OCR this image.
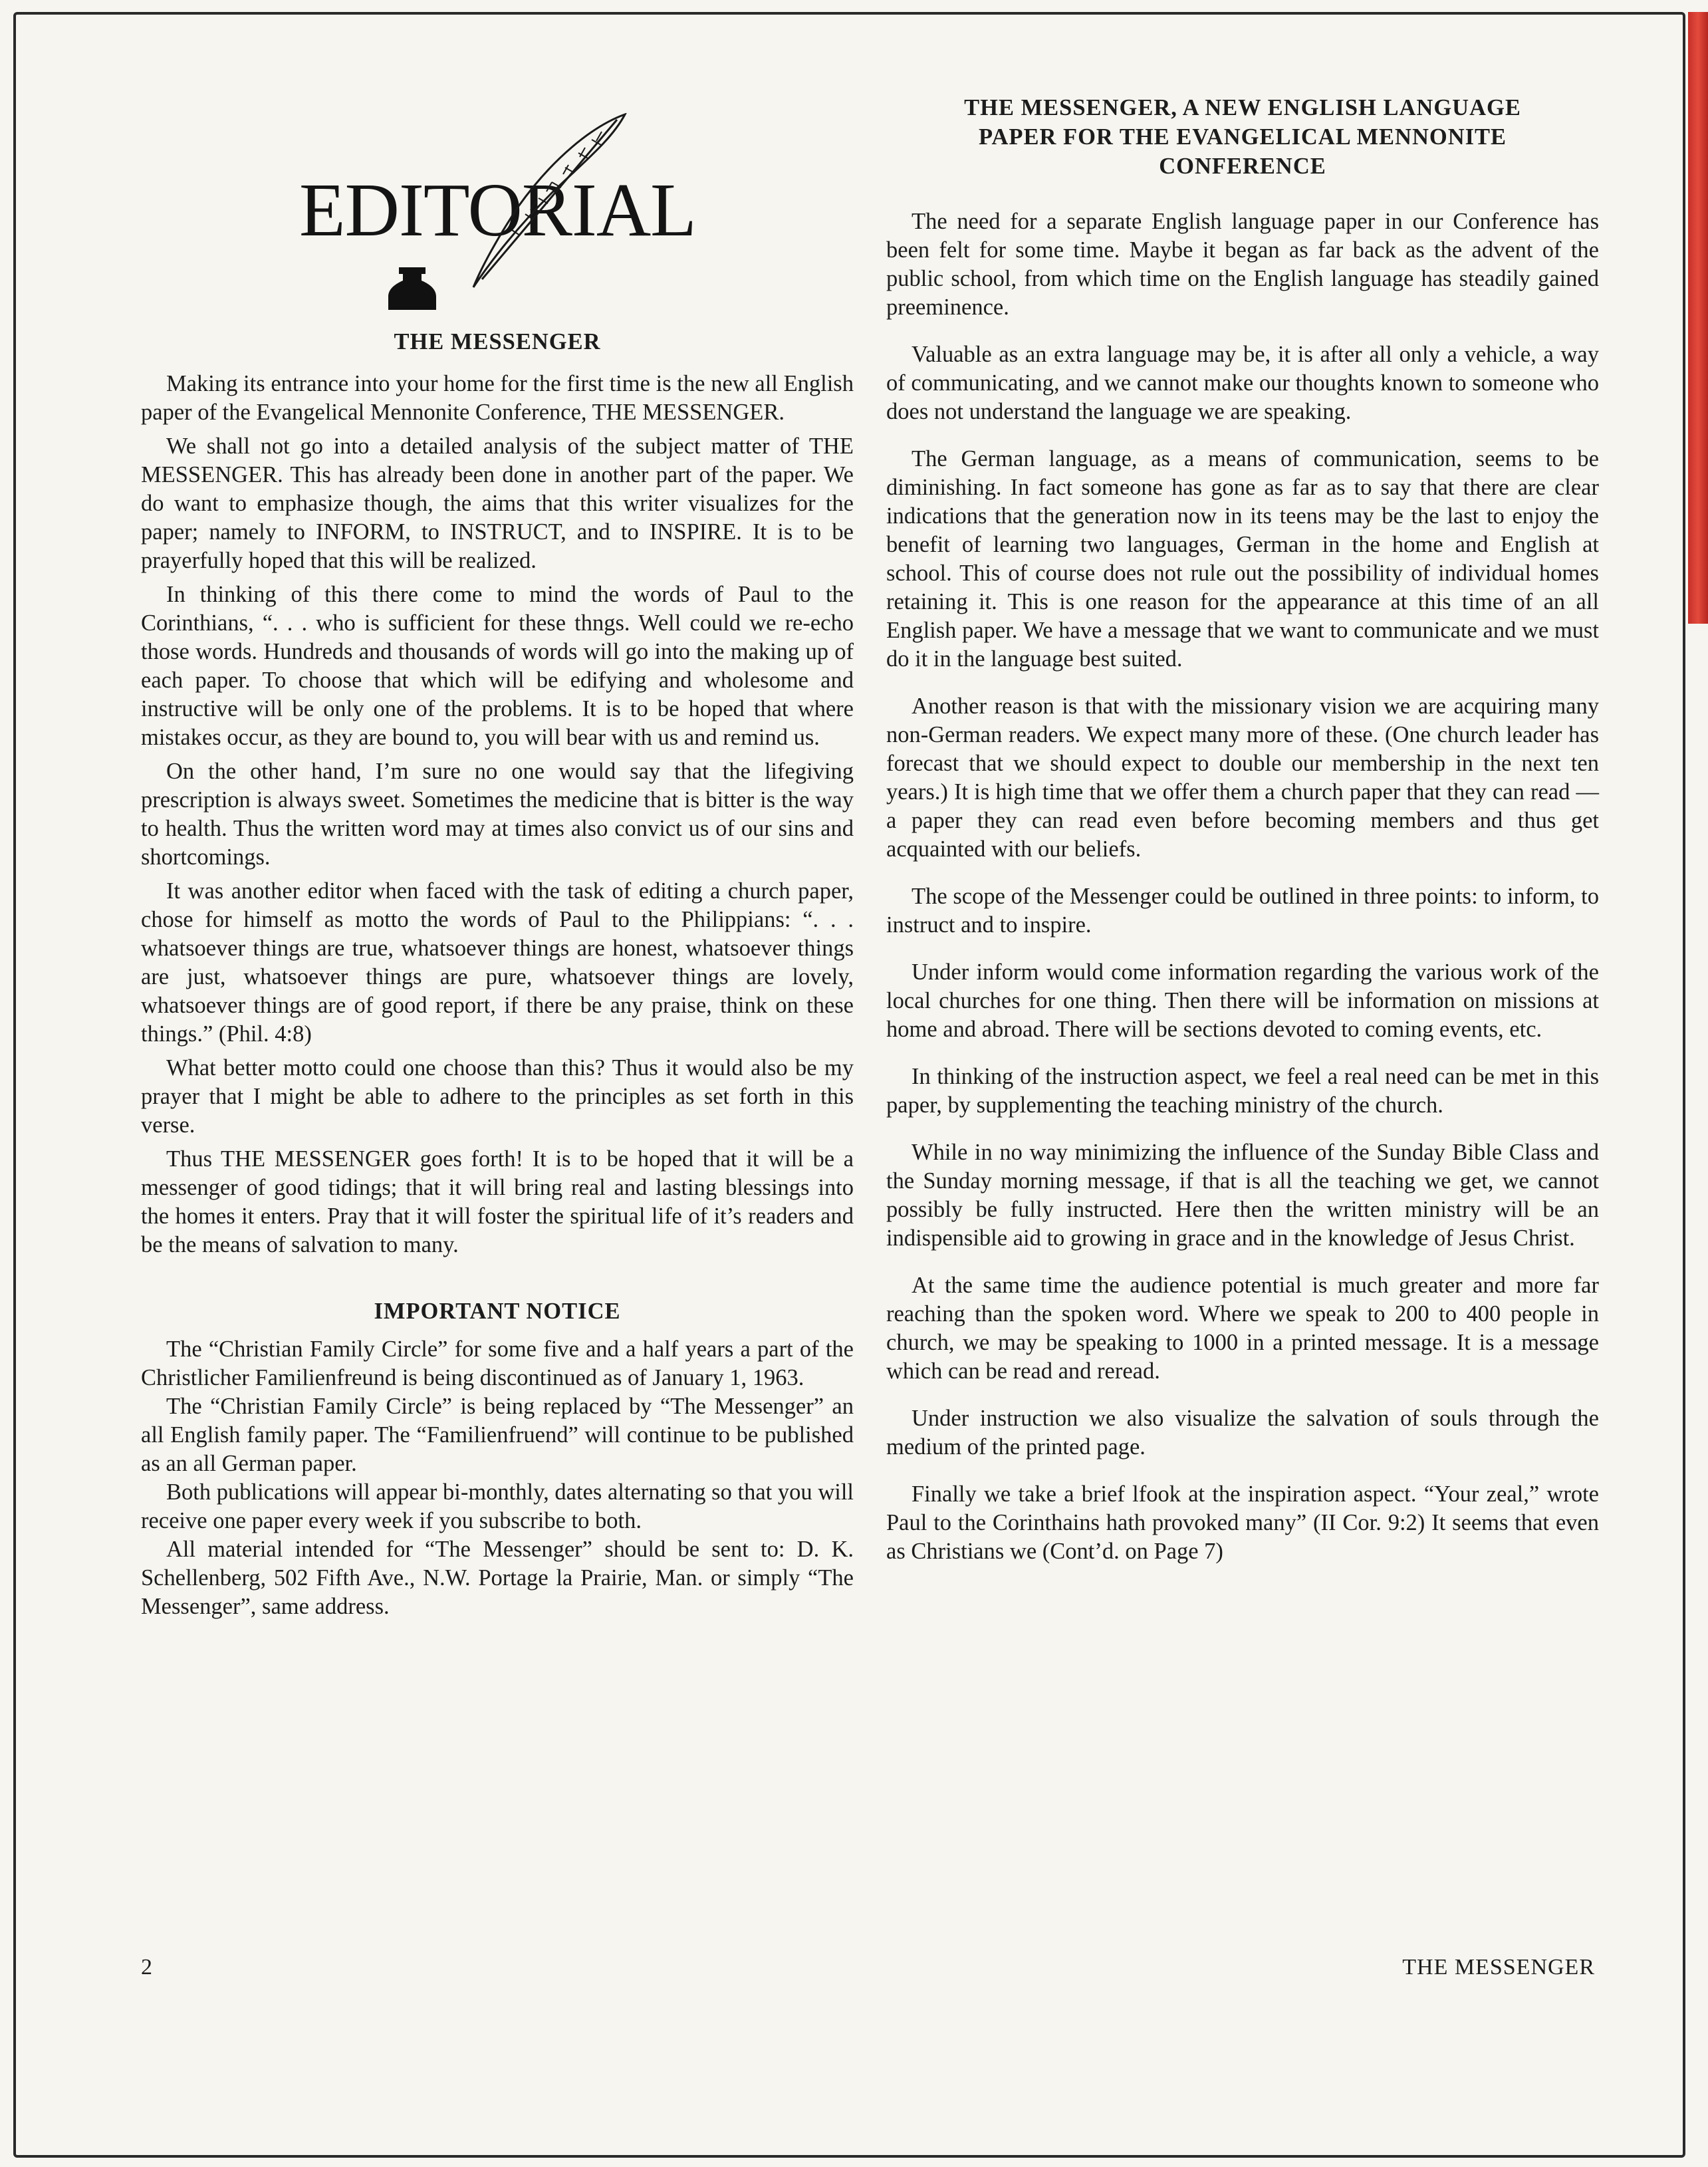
EDITORIAL
THE MESSENGER

Making its entrance into your home for the first time is the new all English paper of the Evangelical Mennonite Conference, THE MESSENGER.

We shall not go into a detailed analysis of the subject matter of THE MESSENGER. This has already been done in another part of the paper. We do want to emphasize though, the aims that this writer visualizes for the paper; namely to INFORM, to INSTRUCT, and to INSPIRE. It is to be prayerfully hoped that this will be realized.

In thinking of this there come to mind the words of Paul to the Corinthians, “. . . who is sufficient for these thngs. Well could we re-echo those words. Hundreds and thousands of words will go into the making up of each paper. To choose that which will be edifying and wholesome and instructive will be only one of the problems. It is to be hoped that where mistakes occur, as they are bound to, you will bear with us and remind us.

On the other hand, I’m sure no one would say that the lifegiving prescription is always sweet. Sometimes the medicine that is bitter is the way to health. Thus the written word may at times also convict us of our sins and shortcomings.

It was another editor when faced with the task of editing a church paper, chose for himself as motto the words of Paul to the Philippians: “. . . whatsoever things are true, whatsoever things are honest, whatsoever things are just, whatsoever things are pure, whatsoever things are lovely, whatsoever things are of good report, if there be any praise, think on these things.” (Phil. 4:8)

What better motto could one choose than this? Thus it would also be my prayer that I might be able to adhere to the principles as set forth in this verse.

Thus THE MESSENGER goes forth! It is to be hoped that it will be a messenger of good tidings; that it will bring real and lasting blessings into the homes it enters. Pray that it will foster the spiritual life of it’s readers and be the means of salvation to many.

IMPORTANT NOTICE

The “Christian Family Circle” for some five and a half years a part of the Christlicher Familienfreund is being discontinued as of January 1, 1963.

The “Christian Family Circle” is being replaced by “The Messenger” an all English family paper. The “Familienfruend” will continue to be published as an all German paper.

Both publications will appear bi-monthly, dates alternating so that you will receive one paper every week if you subscribe to both.

All material intended for “The Messenger” should be sent to: D. K. Schellenberg, 502 Fifth Ave., N.W. Portage la Prairie, Man. or simply “The Messenger”, same address.

THE MESSENGER, A NEW ENGLISH LANGUAGE
PAPER FOR THE EVANGELICAL MENNONITE
CONFERENCE

The need for a separate English language paper in our Conference has been felt for some time. Maybe it began as far back as the advent of the public school, from which time on the English language has steadily gained preeminence.

Valuable as an extra language may be, it is after all only a vehicle, a way of communicating, and we cannot make our thoughts known to someone who does not understand the language we are speaking.

The German language, as a means of communication, seems to be diminishing. In fact someone has gone as far as to say that there are clear indications that the generation now in its teens may be the last to enjoy the benefit of learning two languages, German in the home and English at school. This of course does not rule out the possibility of individual homes retaining it. This is one reason for the appearance at this time of an all English paper. We have a message that we want to communicate and we must do it in the language best suited.

Another reason is that with the missionary vision we are acquiring many non-German readers. We expect many more of these. (One church leader has forecast that we should expect to double our membership in the next ten years.) It is high time that we offer them a church paper that they can read — a paper they can read even before becoming members and thus get acquainted with our beliefs.

The scope of the Messenger could be outlined in three points: to inform, to instruct and to inspire.

Under inform would come information regarding the various work of the local churches for one thing. Then there will be information on missions at home and abroad. There will be sections devoted to coming events, etc.

In thinking of the instruction aspect, we feel a real need can be met in this paper, by supplementing the teaching ministry of the church.

While in no way minimizing the influence of the Sunday Bible Class and the Sunday morning message, if that is all the teaching we get, we cannot possibly be fully instructed. Here then the written ministry will be an indispensible aid to growing in grace and in the knowledge of Jesus Christ.

At the same time the audience potential is much greater and more far reaching than the spoken word. Where we speak to 200 to 400 people in church, we may be speaking to 1000 in a printed message. It is a message which can be read and reread.

Under instruction we also visualize the salvation of souls through the medium of the printed page.

Finally we take a brief lfook at the inspiration aspect. “Your zeal,” wrote Paul to the Corinthains hath provoked many” (II Cor. 9:2) It seems that even as Christians we (Cont’d. on Page 7)

2	THE MESSENGER
